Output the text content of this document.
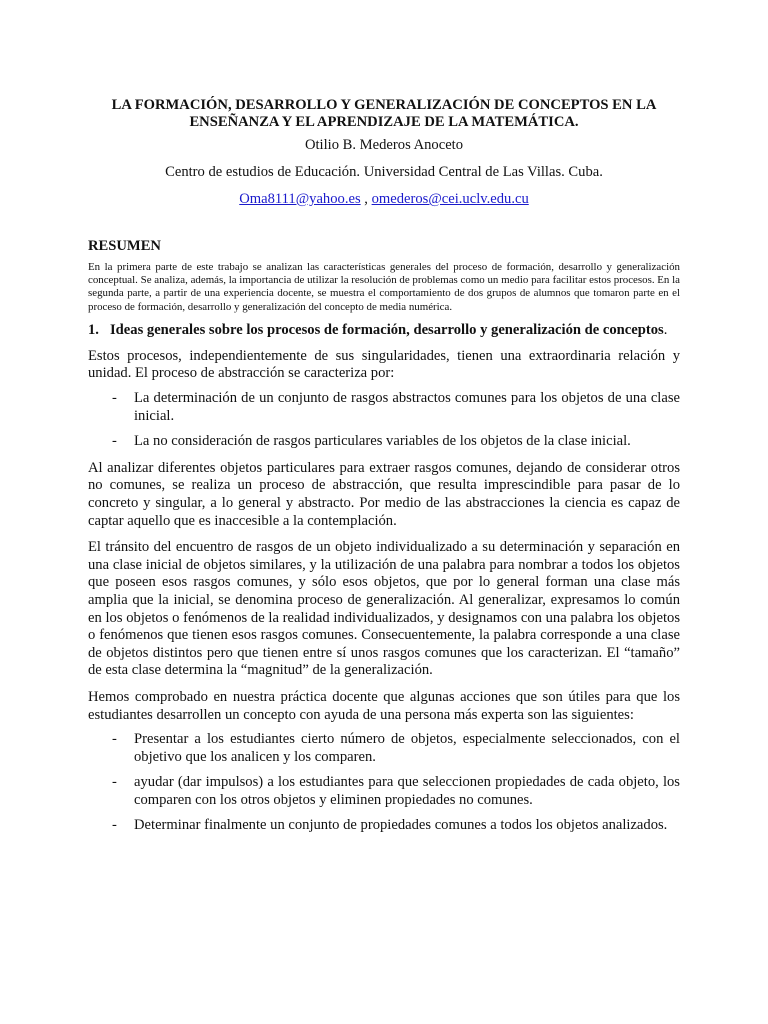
LA FORMACIÓN, DESARROLLO Y GENERALIZACIÓN DE CONCEPTOS EN LA
ENSEÑANZA Y EL APRENDIZAJE DE LA MATEMÁTICA.
Otilio B. Mederos Anoceto
Centro de estudios de Educación. Universidad Central de Las Villas. Cuba.
Oma8111@yahoo.es , omederos@cei.uclv.edu.cu
RESUMEN

En la primera parte de este trabajo se analizan las características generales del proceso de formación, desarrollo y generalización conceptual. Se analiza, además, la importancia de utilizar la resolución de problemas como un medio para facilitar estos procesos. En la segunda parte, a partir de una experiencia docente, se muestra el comportamiento de dos grupos de alumnos que tomaron parte en el proceso de formación, desarrollo y generalización del concepto de media numérica.

1. Ideas generales sobre los procesos de formación, desarrollo y generalización de conceptos.

Estos procesos, independientemente de sus singularidades, tienen una extraordinaria relación y unidad. El proceso de abstracción se caracteriza por:

- La determinación de un conjunto de rasgos abstractos comunes para los objetos de una clase inicial.
- La no consideración de rasgos particulares variables de los objetos de la clase inicial.

Al analizar diferentes objetos particulares para extraer rasgos comunes, dejando de considerar otros no comunes, se realiza un proceso de abstracción, que resulta imprescindible para pasar de lo concreto y singular, a lo general y abstracto. Por medio de las abstracciones la ciencia es capaz de captar aquello que es inaccesible a la contemplación.

El tránsito del encuentro de rasgos de un objeto individualizado a su determinación y separación en una clase inicial de objetos similares, y la utilización de una palabra para nombrar a todos los objetos que poseen esos rasgos comunes, y sólo esos objetos, que por lo general forman una clase más amplia que la inicial, se denomina proceso de generalización. Al generalizar, expresamos lo común en los objetos o fenómenos de la realidad individualizados, y designamos con una palabra los objetos o fenómenos que tienen esos rasgos comunes. Consecuentemente, la palabra corresponde a una clase de objetos distintos pero que tienen entre sí unos rasgos comunes que los caracterizan. El “tamaño” de esta clase determina la “magnitud” de la generalización.

Hemos comprobado en nuestra práctica docente que algunas acciones que son útiles para que los estudiantes desarrollen un concepto con ayuda de una persona más experta son las siguientes:

- Presentar a los estudiantes cierto número de objetos, especialmente seleccionados, con el objetivo que los analicen y los comparen.
- ayudar (dar impulsos) a los estudiantes para que seleccionen propiedades de cada objeto, los comparen con los otros objetos y eliminen propiedades no comunes.
- Determinar finalmente un conjunto de propiedades comunes a todos los objetos analizados.
